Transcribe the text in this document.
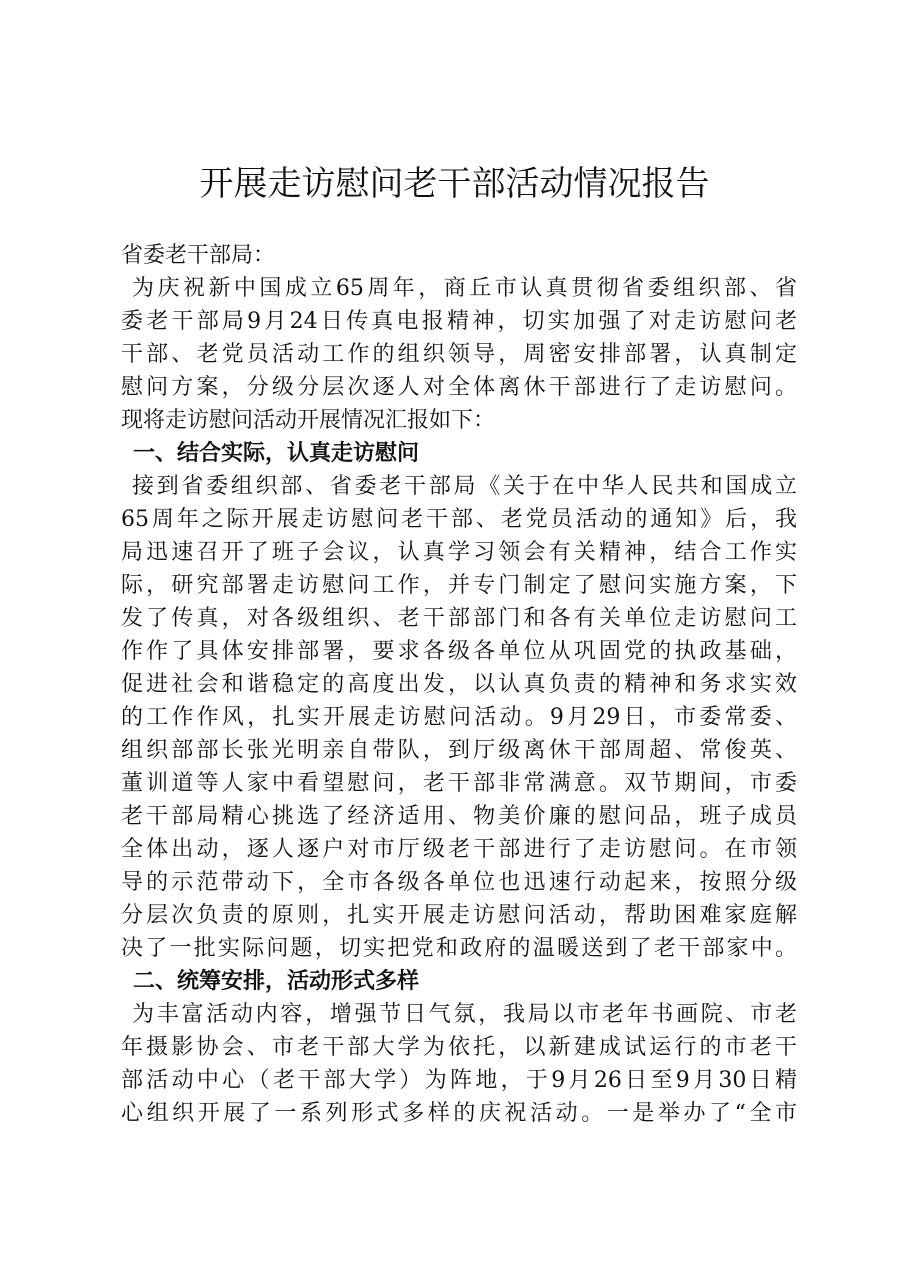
开展走访慰问老干部活动情况报告
省委老干部局：
为庆祝新中国成立65周年，商丘市认真贯彻省委组织部、省
委老干部局9月24日传真电报精神，切实加强了对走访慰问老
干部、老党员活动工作的组织领导，周密安排部署，认真制定
慰问方案，分级分层次逐人对全体离休干部进行了走访慰问。
现将走访慰问活动开展情况汇报如下：
一、结合实际，认真走访慰问
接到省委组织部、省委老干部局《关于在中华人民共和国成立
65周年之际开展走访慰问老干部、老党员活动的通知》后，我
局迅速召开了班子会议，认真学习领会有关精神，结合工作实
际，研究部署走访慰问工作，并专门制定了慰问实施方案，下
发了传真，对各级组织、老干部部门和各有关单位走访慰问工
作作了具体安排部署，要求各级各单位从巩固党的执政基础，
促进社会和谐稳定的高度出发，以认真负责的精神和务求实效
的工作作风，扎实开展走访慰问活动。9月29日，市委常委、
组织部部长张光明亲自带队，到厅级离休干部周超、常俊英、
董训道等人家中看望慰问，老干部非常满意。双节期间，市委
老干部局精心挑选了经济适用、物美价廉的慰问品，班子成员
全体出动，逐人逐户对市厅级老干部进行了走访慰问。在市领
导的示范带动下，全市各级各单位也迅速行动起来，按照分级
分层次负责的原则，扎实开展走访慰问活动，帮助困难家庭解
决了一批实际问题，切实把党和政府的温暖送到了老干部家中。
二、统筹安排，活动形式多样
为丰富活动内容，增强节日气氛，我局以市老年书画院、市老
年摄影协会、市老干部大学为依托，以新建成试运行的市老干
部活动中心（老干部大学）为阵地，于9月26日至9月30日精
心组织开展了一系列形式多样的庆祝活动。一是举办了“全市
